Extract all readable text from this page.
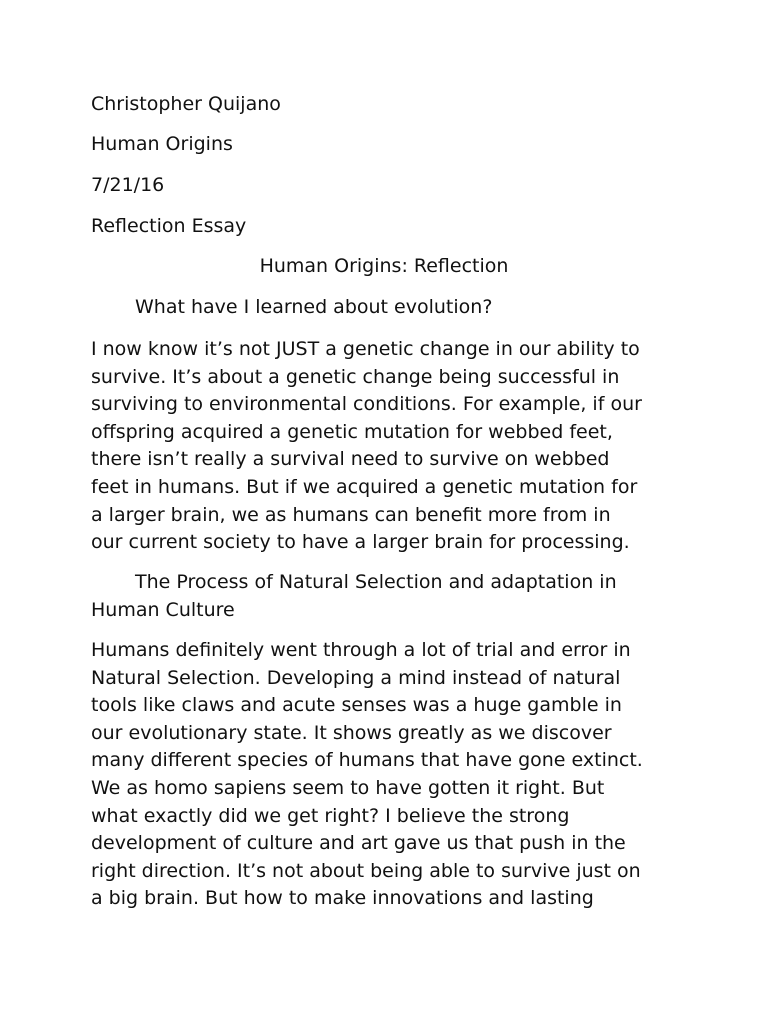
Christopher Quijano

Human Origins

7/21/16

Reflection Essay

Human Origins: Reflection

What have I learned about evolution?

I now know it’s not JUST a genetic change in our ability to
survive. It’s about a genetic change being successful in
surviving to environmental conditions. For example, if our
offspring acquired a genetic mutation for webbed feet,
there isn’t really a survival need to survive on webbed
feet in humans. But if we acquired a genetic mutation for
a larger brain, we as humans can benefit more from in
our current society to have a larger brain for processing.

The Process of Natural Selection and adaptation in

Human Culture

Humans definitely went through a lot of trial and error in
Natural Selection. Developing a mind instead of natural
tools like claws and acute senses was a huge gamble in
our evolutionary state. It shows greatly as we discover
many different species of humans that have gone extinct.
We as homo sapiens seem to have gotten it right. But
what exactly did we get right? I believe the strong
development of culture and art gave us that push in the
right direction. It’s not about being able to survive just on
a big brain. But how to make innovations and lasting
